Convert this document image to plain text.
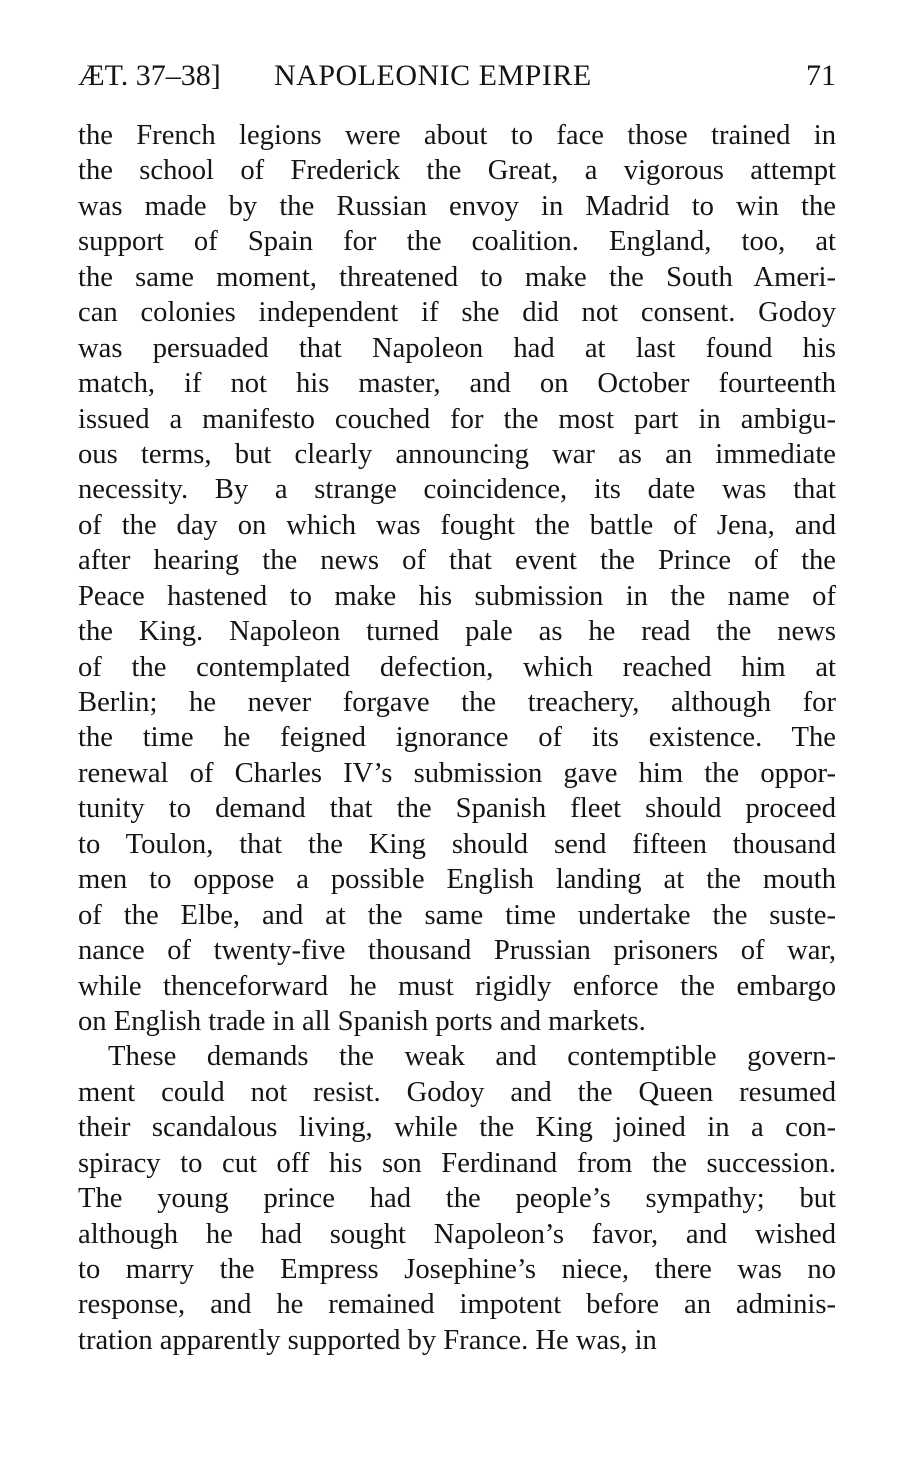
ÆT. 37–38] NAPOLEONIC EMPIRE	71
the French legions were about to face those trained in
the school of Frederick the Great, a vigorous attempt
was made by the Russian envoy in Madrid to win the
support of Spain for the coalition. England, too, at
the same moment, threatened to make the South Ameri-
can colonies independent if she did not consent. Godoy
was persuaded that Napoleon had at last found his
match, if not his master, and on October fourteenth
issued a manifesto couched for the most part in ambigu-
ous terms, but clearly announcing war as an immediate
necessity. By a strange coincidence, its date was that
of the day on which was fought the battle of Jena, and
after hearing the news of that event the Prince of the
Peace hastened to make his submission in the name of
the King. Napoleon turned pale as he read the news
of the contemplated defection, which reached him at
Berlin; he never forgave the treachery, although for
the time he feigned ignorance of its existence. The
renewal of Charles IV’s submission gave him the oppor-
tunity to demand that the Spanish fleet should proceed
to Toulon, that the King should send fifteen thousand
men to oppose a possible English landing at the mouth
of the Elbe, and at the same time undertake the suste-
nance of twenty-five thousand Prussian prisoners of war,
while thenceforward he must rigidly enforce the embargo
on English trade in all Spanish ports and markets.
These demands the weak and contemptible govern-
ment could not resist. Godoy and the Queen resumed
their scandalous living, while the King joined in a con-
spiracy to cut off his son Ferdinand from the succession.
The young prince had the people’s sympathy; but
although he had sought Napoleon’s favor, and wished
to marry the Empress Josephine’s niece, there was no
response, and he remained impotent before an adminis-
tration apparently supported by France. He was, in
